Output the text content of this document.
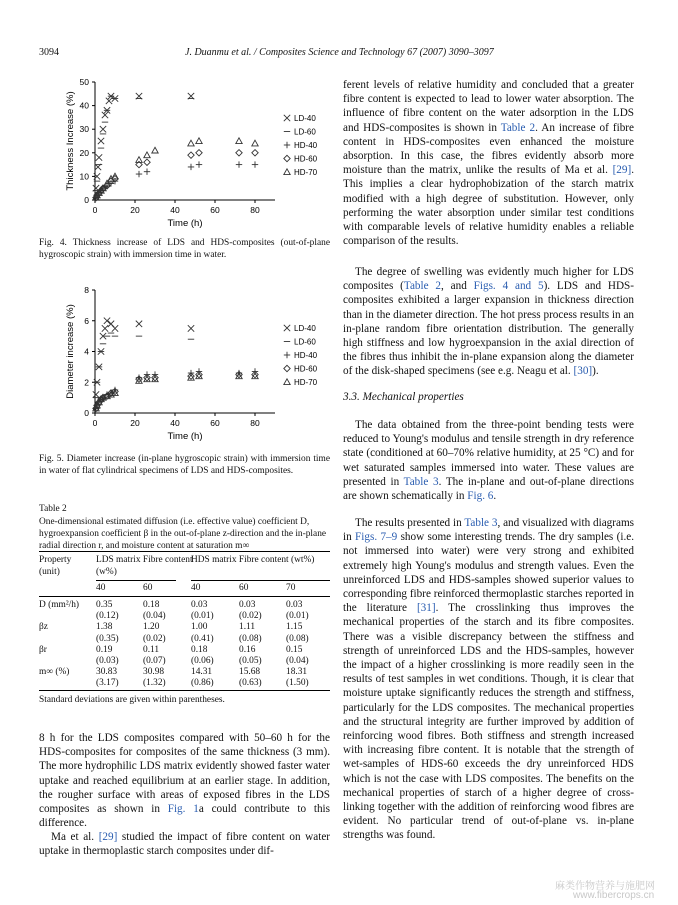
3094	J. Duanmu et al. / Composites Science and Technology 67 (2007) 3090–3097
0
10
20
30
40
50
0	20	40	60	80
Time (h)
Thickness Increase (%)	LD-40
LD-60
HD-40
HD-60
HD-70

Fig. 4. Thickness increase of LDS and HDS-composites (out-of-plane hygroscopic strain) with immersion time in water.

0
2
4
6
8
0	20	40	60	80
Time (h)
Diameter increase (%)	LD-40
LD-60
HD-40
HD-60
HD-70

Fig. 5. Diameter increase (in-plane hygroscopic strain) with immersion time in water of flat cylindrical specimens of LDS and HDS-composites.

Table 2

One-dimensional estimated diffusion (i.e. effective value) coefficient D, hygroexpansion coefficient β in the out-of-plane z-direction and the in-plane radial direction r, and moisture content at saturation m∞

Property
(unit)
LDS matrix Fibre content (w%)
HDS matrix Fibre content (wt%)
40	60	40	60	70
D (mm²/h)	0.35	0.18	0.03	0.03	0.03
	(0.12)	(0.04)	(0.01)	(0.02)	(0.01)
βz	1.38	1.20	1.00	1.11	1.15
	(0.35)	(0.02)	(0.41)	(0.08)	(0.08)
βr	0.19	0.11	0.18	0.16	0.15
	(0.03)	(0.07)	(0.06)	(0.05)	(0.04)
m∞ (%)	30.83	30.98	14.31	15.68	18.31
	(3.17)	(1.32)	(0.86)	(0.63)	(1.50)
Standard deviations are given within parentheses.

8 h for the LDS composites compared with 50–60 h for the HDS-composites for composites of the same thickness (3 mm). The more hydrophilic LDS matrix evidently showed faster water uptake and reached equilibrium at an earlier stage. In addition, the rougher surface with areas of exposed fibres in the LDS composites as shown in Fig. 1a could contribute to this difference.

Ma et al. [29] studied the impact of fibre content on water uptake in thermoplastic starch composites under dif-

ferent levels of relative humidity and concluded that a greater fibre content is expected to lead to lower water absorption. The influence of fibre content on the water adsorption in the LDS and HDS-composites is shown in Table 2. An increase of fibre content in HDS-composites even enhanced the moisture absorption. In this case, the fibres evidently absorb more moisture than the matrix, unlike the results of Ma et al. [29]. This implies a clear hydrophobization of the starch matrix modified with a high degree of substitution. However, only performing the water absorption under similar test conditions with comparable levels of relative humidity enables a reliable comparison of the results.

The degree of swelling was evidently much higher for LDS composites (Table 2, and Figs. 4 and 5). LDS and HDS-composites exhibited a larger expansion in thickness direction than in the diameter direction. The hot press process results in an in-plane random fibre orientation distribution. The generally high stiffness and low hygroexpansion in the axial direction of the fibres thus inhibit the in-plane expansion along the diameter of the disk-shaped specimens (see e.g. Neagu et al. [30]).

3.3. Mechanical properties

The data obtained from the three-point bending tests were reduced to Young's modulus and tensile strength in dry reference state (conditioned at 60–70% relative humidity, at 25 °C) and for wet saturated samples immersed into water. These values are presented in Table 3. The in-plane and out-of-plane directions are shown schematically in Fig. 6.

The results presented in Table 3, and visualized with diagrams in Figs. 7–9 show some interesting trends. The dry samples (i.e. not immersed into water) were very strong and exhibited extremely high Young's modulus and strength values. Even the unreinforced LDS and HDS-samples showed superior values to corresponding fibre reinforced thermoplastic starches reported in the literature [31]. The crosslinking thus improves the mechanical properties of the starch and its fibre composites. There was a visible discrepancy between the stiffness and strength of unreinforced LDS and the HDS-samples, however the impact of a higher crosslinking is more readily seen in the results of test samples in wet conditions. Though, it is clear that moisture uptake significantly reduces the strength and stiffness, particularly for the LDS composites. The mechanical properties and the structural integrity are further improved by addition of reinforcing wood fibres. Both stiffness and strength increased with increasing fibre content. It is notable that the strength of wet-samples of HDS-60 exceeds the dry unreinforced HDS which is not the case with LDS composites. The benefits on the mechanical properties of starch of a higher degree of cross-linking together with the addition of reinforcing wood fibres are evident. No particular trend of out-of-plane vs. in-plane strengths was found.

麻类作物营养与施肥网
www.fibercrops.cn
